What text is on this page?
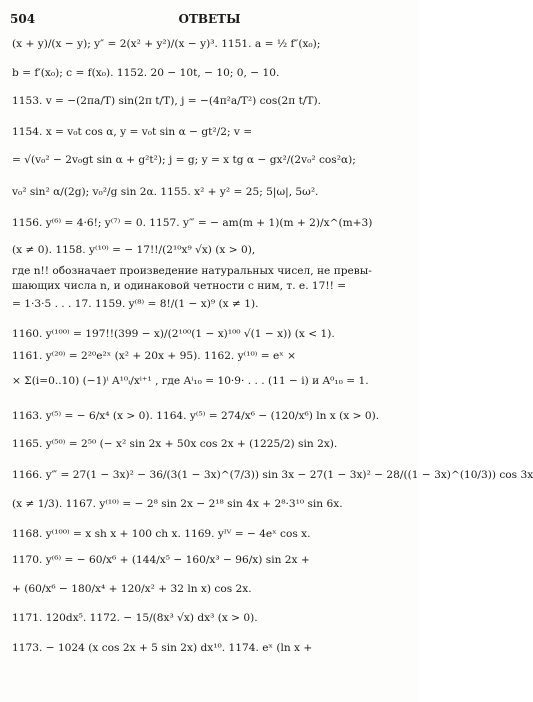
504	ОТВЕТЫ
(x + y)/(x − y); y″ = 2(x² + y²)/(x − y)³. 1151. a = ½ f″(x₀);
b = f′(x₀); c = f(x₀). 1152. 20 − 10t, − 10; 0, − 10.
1153. v = −(2πa/T) sin(2π t/T), j = −(4π²a/T²) cos(2π t/T).
1154. x = v₀t cos α, y = v₀t sin α − gt²/2; v =
= √(v₀² − 2v₀gt sin α + g²t²); j = g; y = x tg α − gx²/(2v₀² cos²α);
v₀² sin² α/(2g); v₀²/g sin 2α. 1155. x² + y² = 25; 5|ω|, 5ω².
1156. y⁽⁶⁾ = 4·6!; y⁽⁷⁾ = 0. 1157. y‴ = − am(m + 1)(m + 2)/x^(m+3)
(x ≠ 0). 1158. y⁽¹⁰⁾ = − 17!!/(2¹⁰x⁹ √x) (x > 0),
где n!! обозначает произведение натуральных чисел, не превы-
шающих числа n, и одинаковой четности с ним, т. е. 17!! =
= 1·3·5 . . . 17. 1159. y⁽⁸⁾ = 8!/(1 − x)⁹ (x ≠ 1).
1160. y⁽¹⁰⁰⁾ = 197!!(399 − x)/(2¹⁰⁰(1 − x)¹⁰⁰ √(1 − x)) (x < 1).
1161. y⁽²⁰⁾ = 2²⁰e²ˣ (x² + 20x + 95). 1162. y⁽¹⁰⁾ = eˣ ×
× Σ(i=0..10) (−1)ⁱ A¹⁰ᵢ/xⁱ⁺¹ , где Aⁱ₁₀ = 10·9· . . . (11 − i) и A⁰₁₀ = 1.
1163. y⁽⁵⁾ = − 6/x⁴ (x > 0). 1164. y⁽⁵⁾ = 274/x⁶ − (120/x⁶) ln x (x > 0).
1165. y⁽⁵⁰⁾ = 2⁵⁰ (− x² sin 2x + 50x cos 2x + (1225/2) sin 2x).
1166. y‴ = 27(1 − 3x)² − 36/(3(1 − 3x)^(7/3)) sin 3x − 27(1 − 3x)² − 28/((1 − 3x)^(10/3)) cos 3x
(x ≠ 1/3). 1167. y⁽¹⁰⁾ = − 2⁸ sin 2x − 2¹⁸ sin 4x + 2⁸·3¹⁰ sin 6x.
1168. y⁽¹⁰⁰⁾ = x sh x + 100 ch x. 1169. yᴵⱽ = − 4eˣ cos x.
1170. y⁽⁶⁾ = − 60/x⁶ + (144/x⁵ − 160/x³ − 96/x) sin 2x +
+ (60/x⁶ − 180/x⁴ + 120/x² + 32 ln x) cos 2x.
1171. 120dx⁵. 1172. − 15/(8x³ √x) dx³ (x > 0).
1173. − 1024 (x cos 2x + 5 sin 2x) dx¹⁰. 1174. eˣ (ln x +
